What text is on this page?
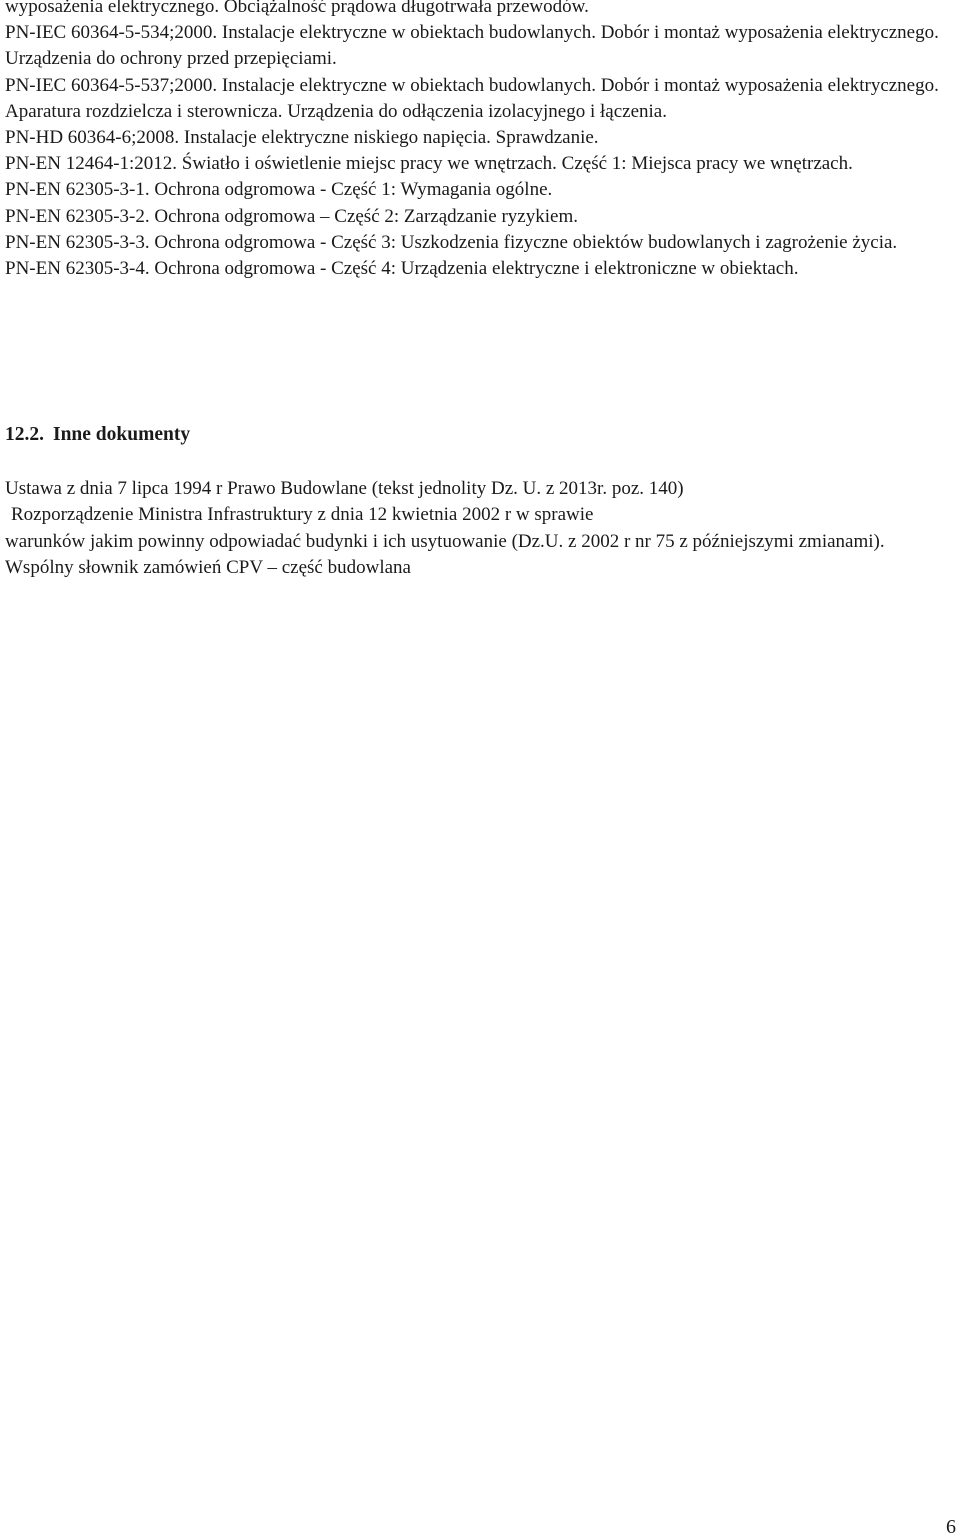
wyposażenia elektrycznego. Obciążalność prądowa długotrwała przewodów.

PN-IEC 60364-5-534;2000. Instalacje elektryczne w obiektach budowlanych. Dobór i montaż wyposażenia elektrycznego. Urządzenia do ochrony przed przepięciami.

PN-IEC 60364-5-537;2000. Instalacje elektryczne w obiektach budowlanych. Dobór i montaż wyposażenia elektrycznego. Aparatura rozdzielcza i sterownicza. Urządzenia do odłączenia izolacyjnego i łączenia.

PN-HD 60364-6;2008. Instalacje elektryczne niskiego napięcia. Sprawdzanie.

PN-EN 12464-1:2012. Światło i oświetlenie miejsc pracy we wnętrzach. Część 1: Miejsca pracy we wnętrzach.

PN-EN 62305-3-1. Ochrona odgromowa - Część 1: Wymagania ogólne.

PN-EN 62305-3-2. Ochrona odgromowa – Część 2: Zarządzanie ryzykiem.

PN-EN 62305-3-3. Ochrona odgromowa - Część 3: Uszkodzenia fizyczne obiektów budowlanych i zagrożenie życia.

PN-EN 62305-3-4. Ochrona odgromowa - Część 4: Urządzenia elektryczne i elektroniczne w obiektach.

12.2. Inne dokumenty

Ustawa z dnia 7 lipca 1994 r Prawo Budowlane (tekst jednolity Dz. U. z 2013r. poz. 140)

Rozporządzenie Ministra Infrastruktury z dnia 12 kwietnia 2002 r w sprawie

warunków jakim powinny odpowiadać budynki i ich usytuowanie (Dz.U. z 2002 r nr 75 z późniejszymi zmianami).

Wspólny słownik zamówień CPV – część budowlana

6
